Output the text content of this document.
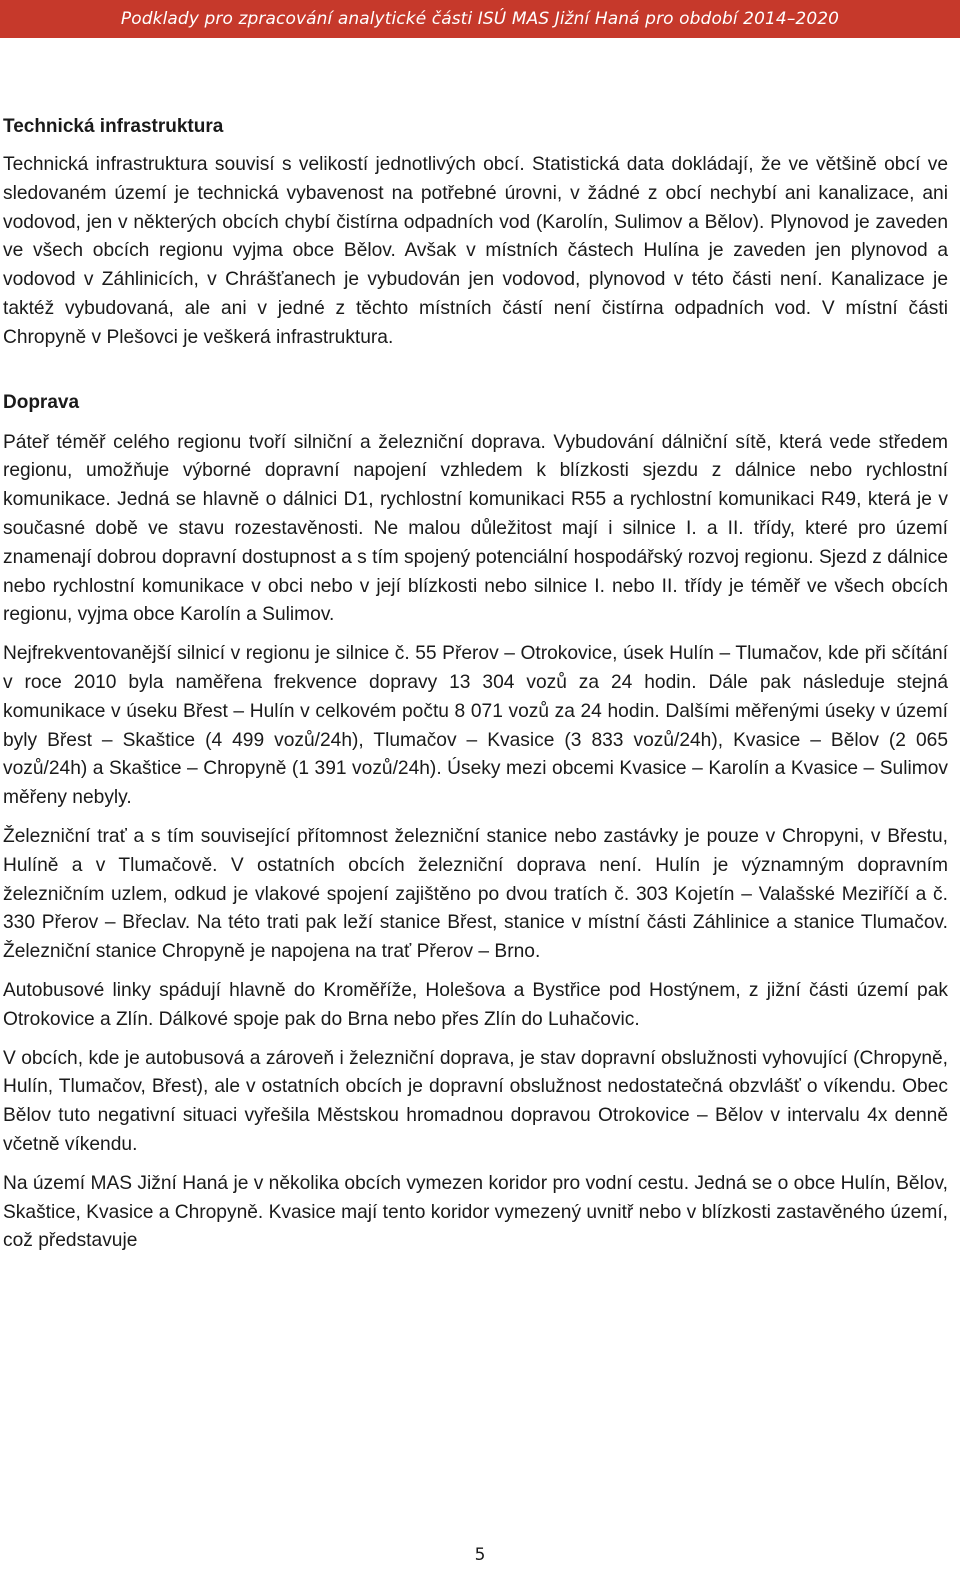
Podklady pro zpracování analytické části ISÚ MAS Jižní Haná pro období 2014–2020
Technická infrastruktura

Technická infrastruktura souvisí s velikostí jednotlivých obcí. Statistická data dokládají, že ve většině obcí ve sledovaném území je technická vybavenost na potřebné úrovni, v žádné z obcí nechybí ani kanalizace, ani vodovod, jen v některých obcích chybí čistírna odpadních vod (Karolín, Sulimov a Bělov). Plynovod je zaveden ve všech obcích regionu vyjma obce Bělov. Avšak v místních částech Hulína je zaveden jen plynovod a vodovod v Záhlinicích, v Chrášťanech je vybudován jen vodovod, plynovod v této části není. Kanalizace je taktéž vybudovaná, ale ani v jedné z těchto místních částí není čistírna odpadních vod. V místní části Chropyně v Plešovci je veškerá infrastruktura.

Doprava

Páteř téměř celého regionu tvoří silniční a železniční doprava. Vybudování dálniční sítě, která vede středem regionu, umožňuje výborné dopravní napojení vzhledem k blízkosti sjezdu z dálnice nebo rychlostní komunikace. Jedná se hlavně o dálnici D1, rychlostní komunikaci R55 a rychlostní komunikaci R49, která je v současné době ve stavu rozestavěnosti. Ne malou důležitost mají i silnice I. a II. třídy, které pro území znamenají dobrou dopravní dostupnost a s tím spojený potenciální hospodářský rozvoj regionu. Sjezd z dálnice nebo rychlostní komunikace v obci nebo v její blízkosti nebo silnice I. nebo II. třídy je téměř ve všech obcích regionu, vyjma obce Karolín a Sulimov.

Nejfrekventovanější silnicí v regionu je silnice č. 55 Přerov – Otrokovice, úsek Hulín – Tlumačov, kde při sčítání v roce 2010 byla naměřena frekvence dopravy 13 304 vozů za 24 hodin. Dále pak následuje stejná komunikace v úseku Břest – Hulín v celkovém počtu 8 071 vozů za 24 hodin. Dalšími měřenými úseky v území byly Břest – Skaštice (4 499 vozů/24h), Tlumačov – Kvasice (3 833 vozů/24h), Kvasice – Bělov (2 065 vozů/24h) a Skaštice – Chropyně (1 391 vozů/24h). Úseky mezi obcemi Kvasice – Karolín a Kvasice – Sulimov měřeny nebyly.

Železniční trať a s tím související přítomnost železniční stanice nebo zastávky je pouze v Chropyni, v Břestu, Hulíně a v Tlumačově. V ostatních obcích železniční doprava není. Hulín je významným dopravním železničním uzlem, odkud je vlakové spojení zajištěno po dvou tratích č. 303 Kojetín – Valašské Meziříčí a č. 330 Přerov – Břeclav. Na této trati pak leží stanice Břest, stanice v místní části Záhlinice a stanice Tlumačov. Železniční stanice Chropyně je napojena na trať Přerov – Brno.

Autobusové linky spádují hlavně do Kroměříže, Holešova a Bystřice pod Hostýnem, z jižní části území pak Otrokovice a Zlín. Dálkové spoje pak do Brna nebo přes Zlín do Luhačovic.

V obcích, kde je autobusová a zároveň i železniční doprava, je stav dopravní obslužnosti vyhovující (Chropyně, Hulín, Tlumačov, Břest), ale v ostatních obcích je dopravní obslužnost nedostatečná obzvlášť o víkendu. Obec Bělov tuto negativní situaci vyřešila Městskou hromadnou dopravou Otrokovice – Bělov v intervalu 4x denně včetně víkendu.

Na území MAS Jižní Haná je v několika obcích vymezen koridor pro vodní cestu. Jedná se o obce Hulín, Bělov, Skaštice, Kvasice a Chropyně. Kvasice mají tento koridor vymezený uvnitř nebo v blízkosti zastavěného území, což představuje

5
